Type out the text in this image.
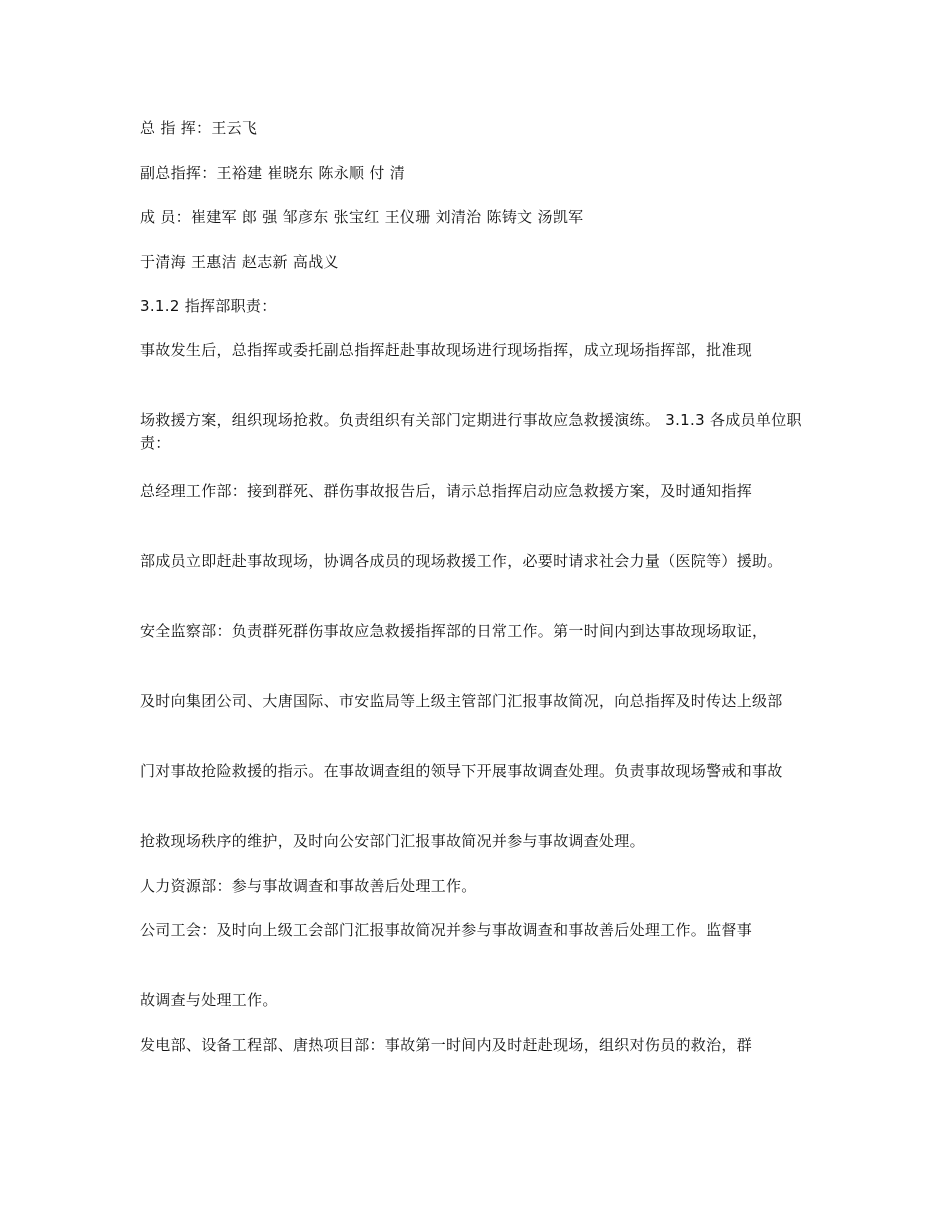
总 指 挥：王云飞

副总指挥：王裕建 崔晓东 陈永顺 付 清

成 员：崔建军 郎 强 邹彦东 张宝红 王仪珊 刘清治 陈铸文 汤凯军

于清海 王惠洁 赵志新 高战义

3.1.2 指挥部职责：

事故发生后，总指挥或委托副总指挥赶赴事故现场进行现场指挥，成立现场指挥部，批准现

场救援方案，组织现场抢救。负责组织有关部门定期进行事故应急救援演练。 3.1.3 各成员单位职责：

总经理工作部：接到群死、群伤事故报告后，请示总指挥启动应急救援方案，及时通知指挥

部成员立即赶赴事故现场，协调各成员的现场救援工作，必要时请求社会力量（医院等）援助。

安全监察部：负责群死群伤事故应急救援指挥部的日常工作。第一时间内到达事故现场取证，

及时向集团公司、大唐国际、市安监局等上级主管部门汇报事故简况，向总指挥及时传达上级部

门对事故抢险救援的指示。在事故调查组的领导下开展事故调查处理。负责事故现场警戒和事故

抢救现场秩序的维护，及时向公安部门汇报事故简况并参与事故调查处理。

人力资源部：参与事故调查和事故善后处理工作。

公司工会：及时向上级工会部门汇报事故简况并参与事故调查和事故善后处理工作。监督事

故调查与处理工作。

发电部、设备工程部、唐热项目部：事故第一时间内及时赶赴现场，组织对伤员的救治，群
